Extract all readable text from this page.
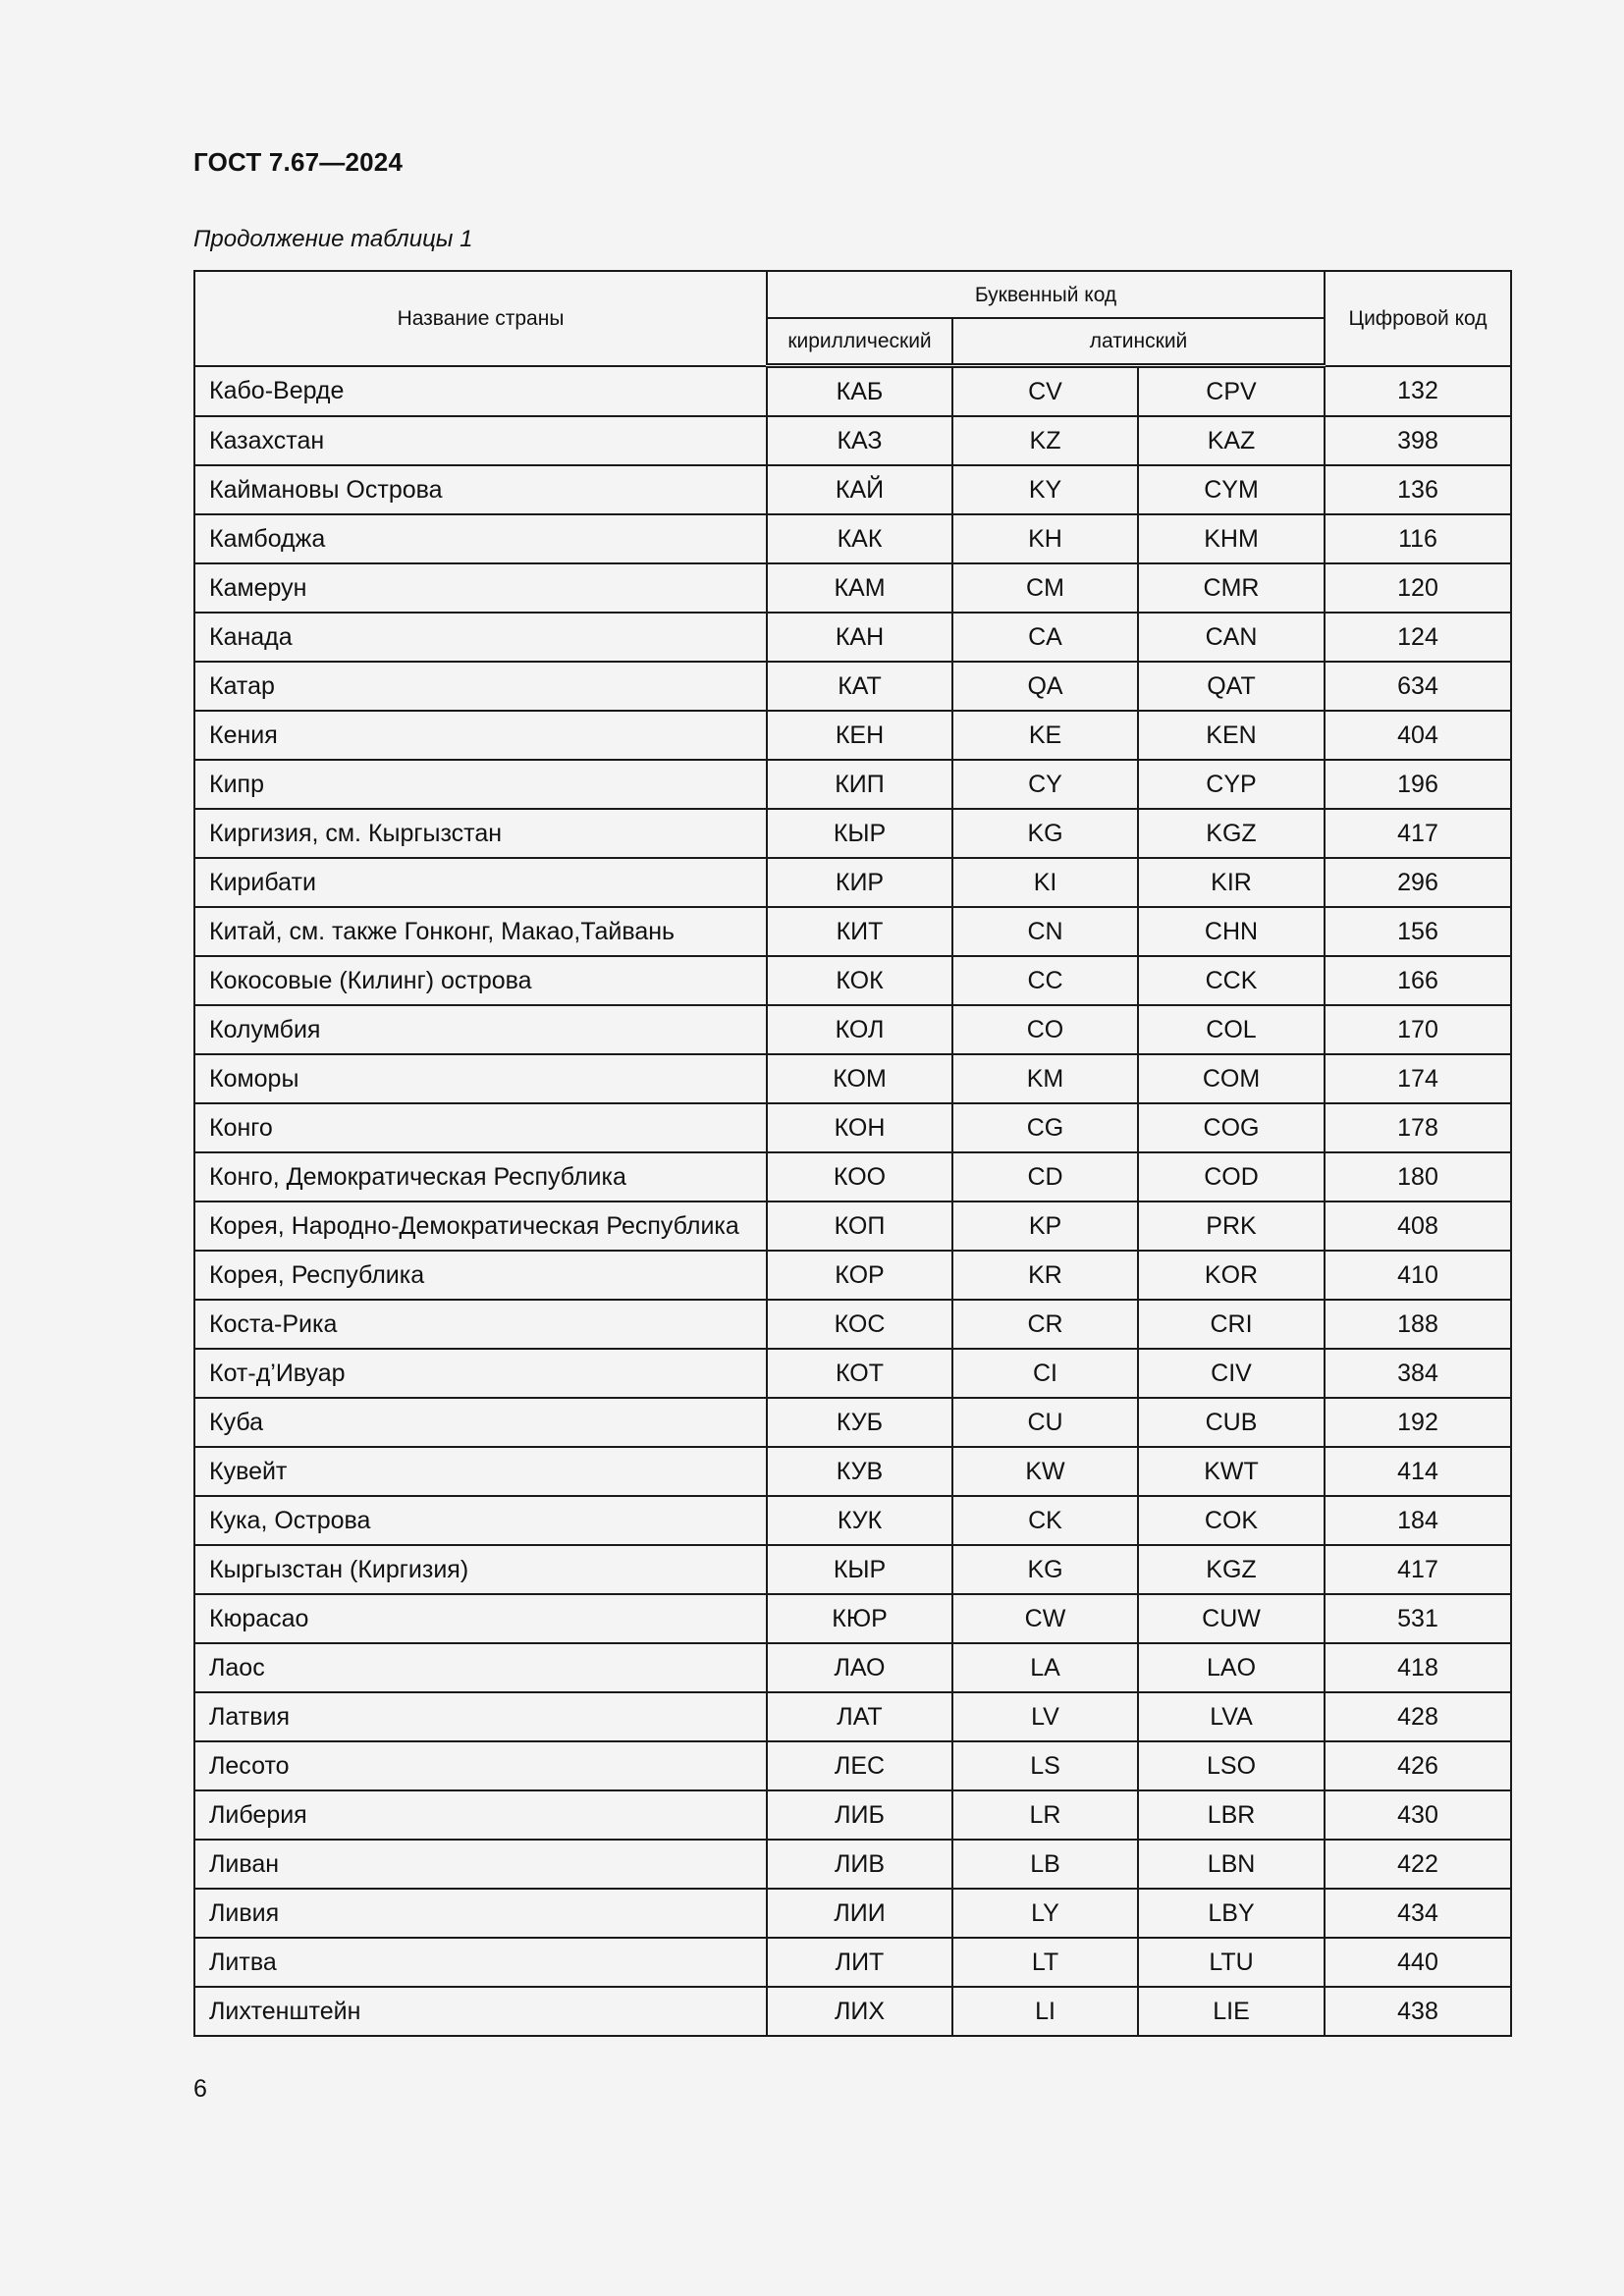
ГОСТ 7.67—2024
Продолжение таблицы 1
Название страны	Буквенный код			Цифровой код
	кириллический	латинский		
Кабо-Верде	КАБ	CV	CPV	132
Казахстан	КАЗ	KZ	KAZ	398
Каймановы Острова	КАЙ	KY	CYM	136
Камбоджа	КАК	KH	KHM	116
Камерун	КАМ	CM	CMR	120
Канада	КАН	CA	CAN	124
Катар	КАТ	QA	QAT	634
Кения	КЕН	KE	KEN	404
Кипр	КИП	CY	CYP	196
Киргизия, см. Кыргызстан	КЫР	KG	KGZ	417
Кирибати	КИР	KI	KIR	296
Китай, см. также Гонконг, Макао,Тайвань	КИТ	CN	CHN	156
Кокосовые (Килинг) острова	КОК	CC	CCK	166
Колумбия	КОЛ	CO	COL	170
Коморы	КОМ	KM	COM	174
Конго	КОН	CG	COG	178
Конго, Демократическая Республика	КОО	CD	COD	180
Корея, Народно-Демократическая Республика	КОП	KP	PRK	408
Корея, Республика	КОР	KR	KOR	410
Коста-Рика	КОС	CR	CRI	188
Кот-д’Ивуар	КОТ	CI	CIV	384
Куба	КУБ	CU	CUB	192
Кувейт	КУВ	KW	KWT	414
Кука, Острова	КУК	CK	COK	184
Кыргызстан (Киргизия)	КЫР	KG	KGZ	417
Кюрасао	КЮР	CW	CUW	531
Лаос	ЛАО	LA	LAO	418
Латвия	ЛАТ	LV	LVA	428
Лесото	ЛЕС	LS	LSO	426
Либерия	ЛИБ	LR	LBR	430
Ливан	ЛИВ	LB	LBN	422
Ливия	ЛИИ	LY	LBY	434
Литва	ЛИТ	LT	LTU	440
Лихтенштейн	ЛИХ	LI	LIE	438
6
